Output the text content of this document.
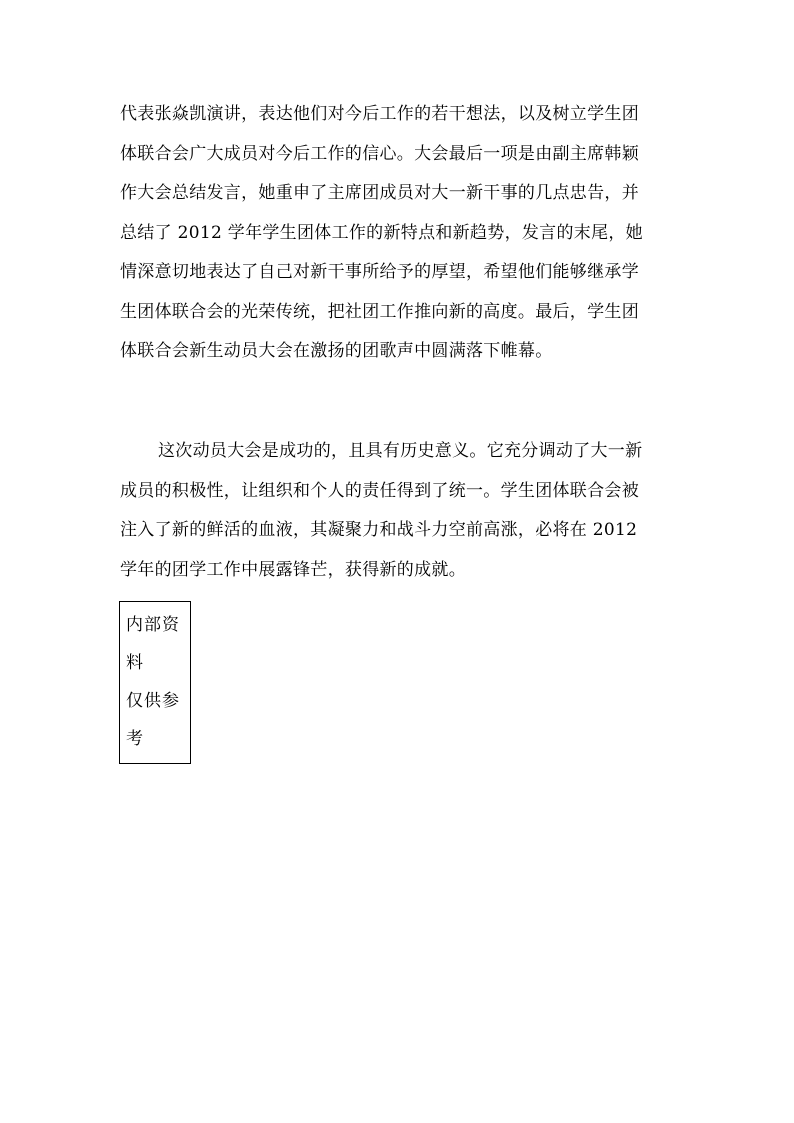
代表张焱凯演讲，表达他们对今后工作的若干想法，以及树立学生团
体联合会广大成员对今后工作的信心。大会最后一项是由副主席韩颖
作大会总结发言，她重申了主席团成员对大一新干事的几点忠告，并
总结了 2012 学年学生团体工作的新特点和新趋势，发言的末尾，她
情深意切地表达了自己对新干事所给予的厚望，希望他们能够继承学
生团体联合会的光荣传统，把社团工作推向新的高度。最后，学生团
体联合会新生动员大会在激扬的团歌声中圆满落下帷幕。
这次动员大会是成功的，且具有历史意义。它充分调动了大一新
成员的积极性，让组织和个人的责任得到了统一。学生团体联合会被
注入了新的鲜活的血液，其凝聚力和战斗力空前高涨，必将在 2012
学年的团学工作中展露锋芒，获得新的成就。
内部资
料
仅供参
考
